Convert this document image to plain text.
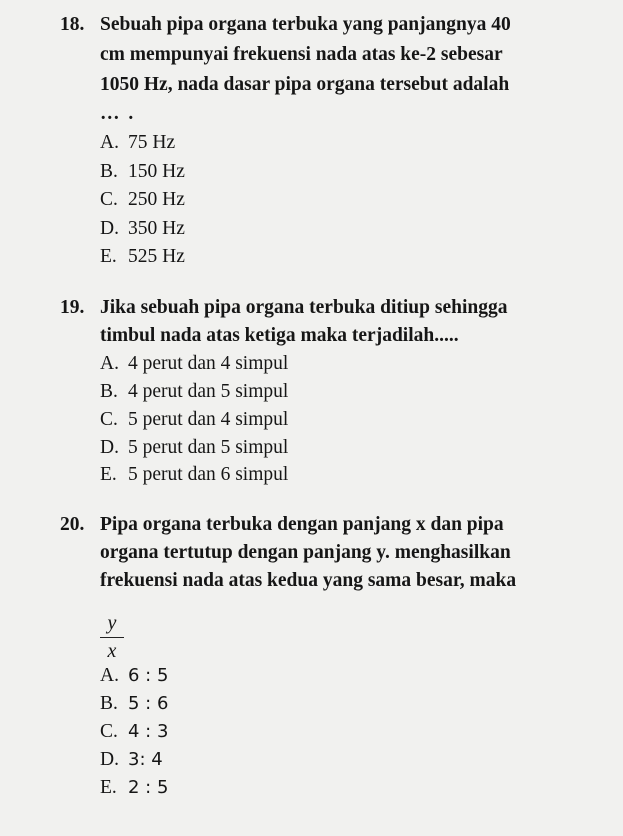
18. Sebuah pipa organa terbuka yang panjangnya 40
cm mempunyai frekuensi nada atas ke-2 sebesar
1050 Hz, nada dasar pipa organa tersebut adalah
… .
A. 75 Hz
B. 150 Hz
C. 250 Hz
D. 350 Hz
E. 525 Hz
19. Jika sebuah pipa organa terbuka ditiup sehingga
timbul nada atas ketiga maka terjadilah.....
A. 4 perut dan 4 simpul
B. 4 perut dan 5 simpul
C. 5 perut dan 4 simpul
D. 5 perut dan 5 simpul
E. 5 perut dan 6 simpul
20. Pipa organa terbuka dengan panjang x dan pipa
organa tertutup dengan panjang y. menghasilkan
frekuensi nada atas kedua yang sama besar, maka
y
x
A. 6 : 5
B. 5 : 6
C. 4 : 3
D. 3: 4
E. 2 : 5
